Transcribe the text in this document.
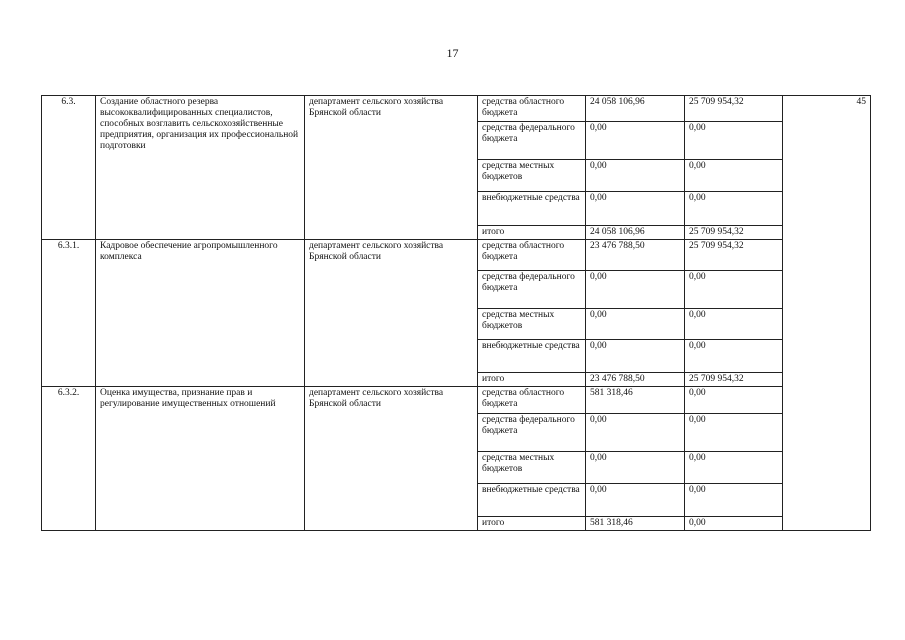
17
6.3.	Создание областного резерва высококвалифицированных специалистов, способных возглавить сельскохозяйственные предприятия, организация их профессиональной подготовки	департамент сельского хозяйства Брянской области	средства областного бюджета	24 058 106,96	25 709 954,32	45
			средства федерального бюджета	0,00	0,00	
			средства местных бюджетов	0,00	0,00	
			внебюджетные средства	0,00	0,00	
			итого	24 058 106,96	25 709 954,32	
6.3.1.	Кадровое обеспечение агропромышленного комплекса	департамент сельского хозяйства Брянской области	средства областного бюджета	23 476 788,50	25 709 954,32	
			средства федерального бюджета	0,00	0,00	
			средства местных бюджетов	0,00	0,00	
			внебюджетные средства	0,00	0,00	
			итого	23 476 788,50	25 709 954,32	
6.3.2.	Оценка имущества, признание прав и регулирование имущественных отношений	департамент сельского хозяйства Брянской области	средства областного бюджета	581 318,46	0,00	
			средства федерального бюджета	0,00	0,00	
			средства местных бюджетов	0,00	0,00	
			внебюджетные средства	0,00	0,00	
			итого	581 318,46	0,00	
